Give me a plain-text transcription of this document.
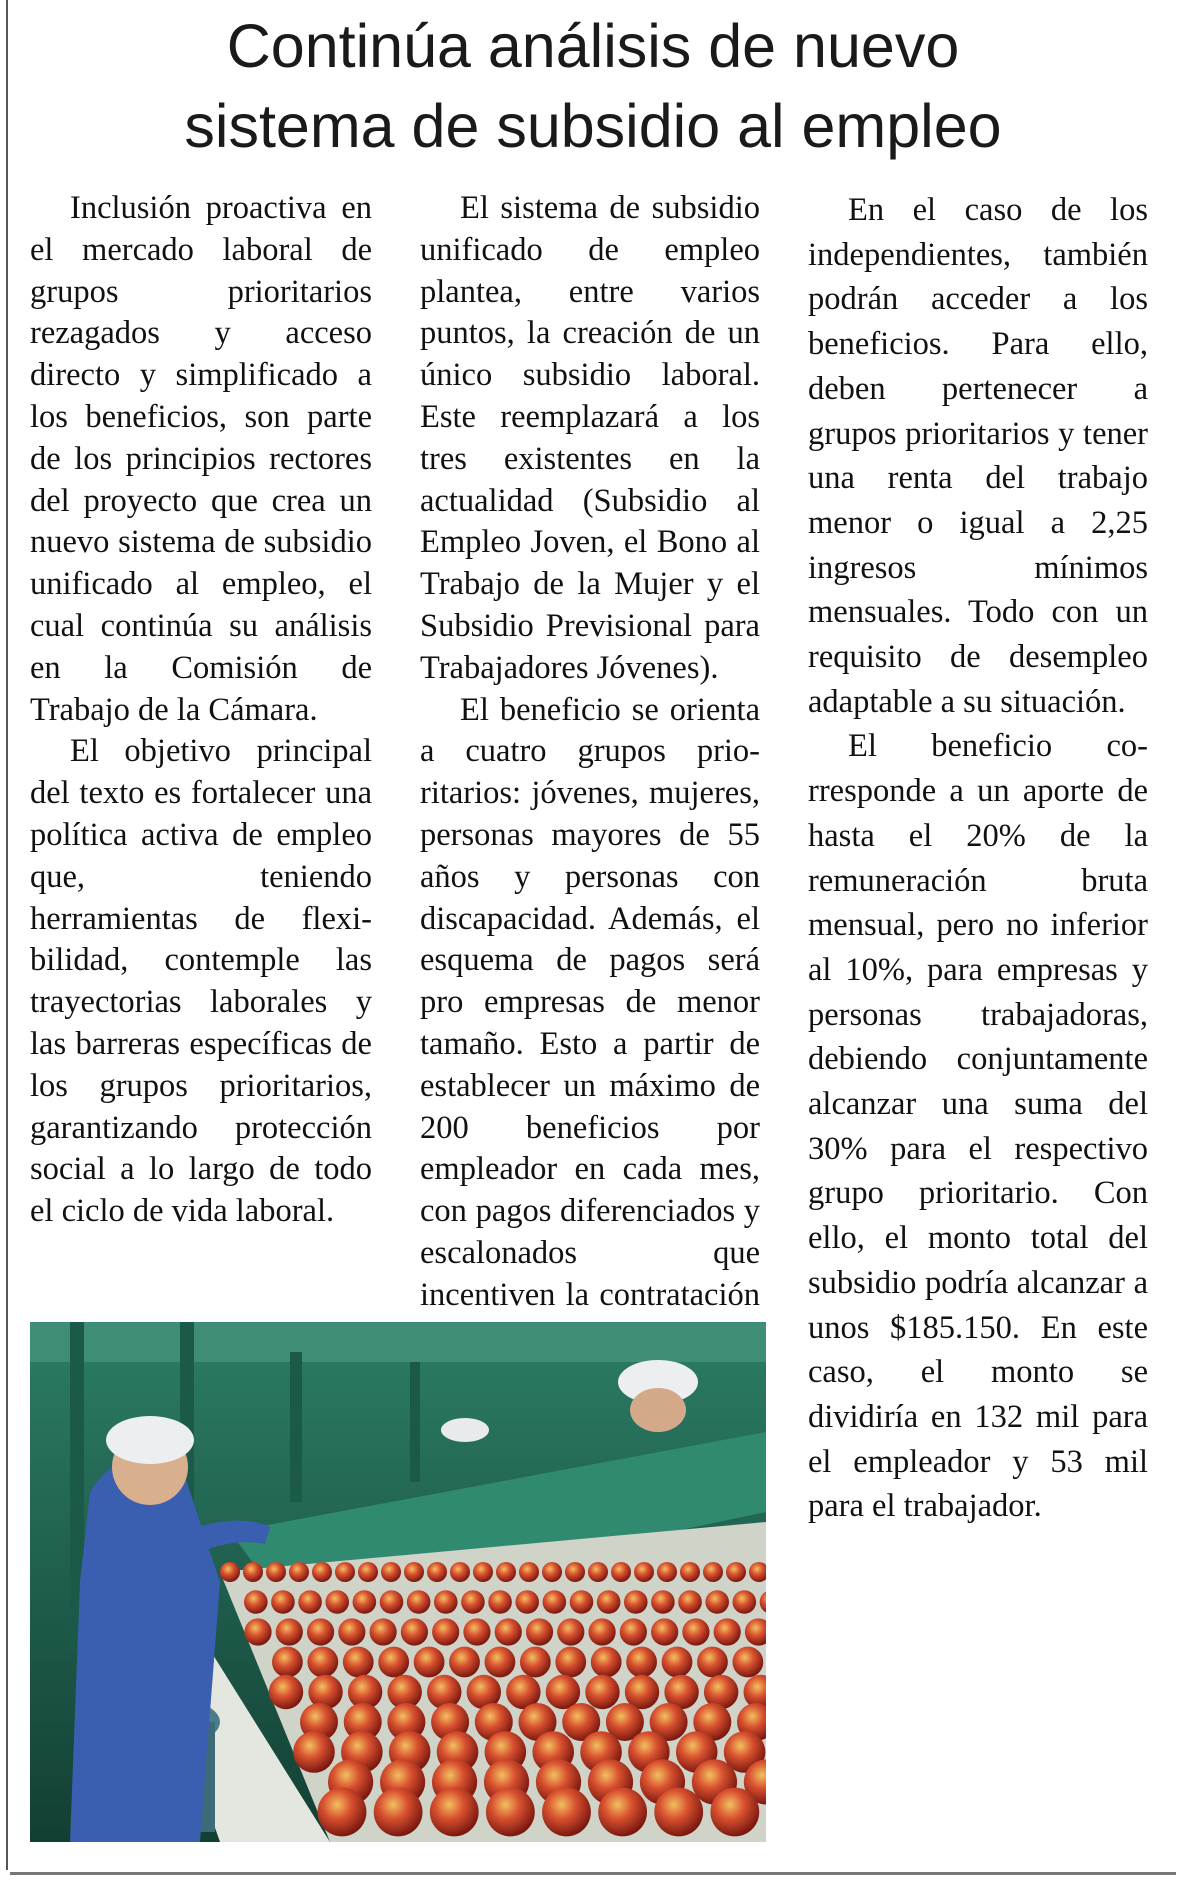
Continúa análisis de nuevo
sistema de subsidio al empleo

Inclusión proactiva en el mercado laboral de grupos prioritarios rezagados y acceso directo y simplificado a los beneficios, son parte de los principios rectores del proyecto que crea un nuevo sistema de subsidio unificado al empleo, el cual continúa su análisis en la Comisión de Trabajo de la Cámara.

El objetivo principal del texto es fortalecer una política activa de empleo que, teniendo herramientas de flexibilidad, contemple las trayectorias laborales y las barreras específicas de los grupos prioritarios, garantizando protección social a lo largo de todo el ciclo de vida laboral.

El sistema de subsidio unificado de empleo plantea, entre varios puntos, la creación de un único subsidio laboral. Este reemplazará a los tres existentes en la actualidad (Subsidio al Empleo Joven, el Bono al Trabajo de la Mujer y el Subsidio Previsional para Trabajadores Jóvenes).

El beneficio se orienta a cuatro grupos prioritarios: jóvenes, mujeres, personas mayores de 55 años y personas con discapacidad. Además, el esquema de pagos será pro empresas de menor tamaño. Esto a partir de establecer un máximo de 200 beneficios por empleador en cada mes, con pagos diferenciados y escalonados que incentiven la contratación

En el caso de los independientes, también podrán acceder a los beneficios. Para ello, deben pertenecer a grupos prioritarios y tener una renta del trabajo menor o igual a 2,25 ingresos mínimos mensuales. Todo con un requisito de desempleo adaptable a su situación.

El beneficio corresponde a un aporte de hasta el 20% de la remuneración bruta mensual, pero no inferior al 10%, para empresas y personas trabajadoras, debiendo conjuntamente alcanzar una suma del 30% para el respectivo grupo prioritario. Con ello, el monto total del subsidio podría alcanzar a unos $185.150. En este caso, el monto se dividiría en 132 mil para el empleador y 53 mil para el trabajador.
